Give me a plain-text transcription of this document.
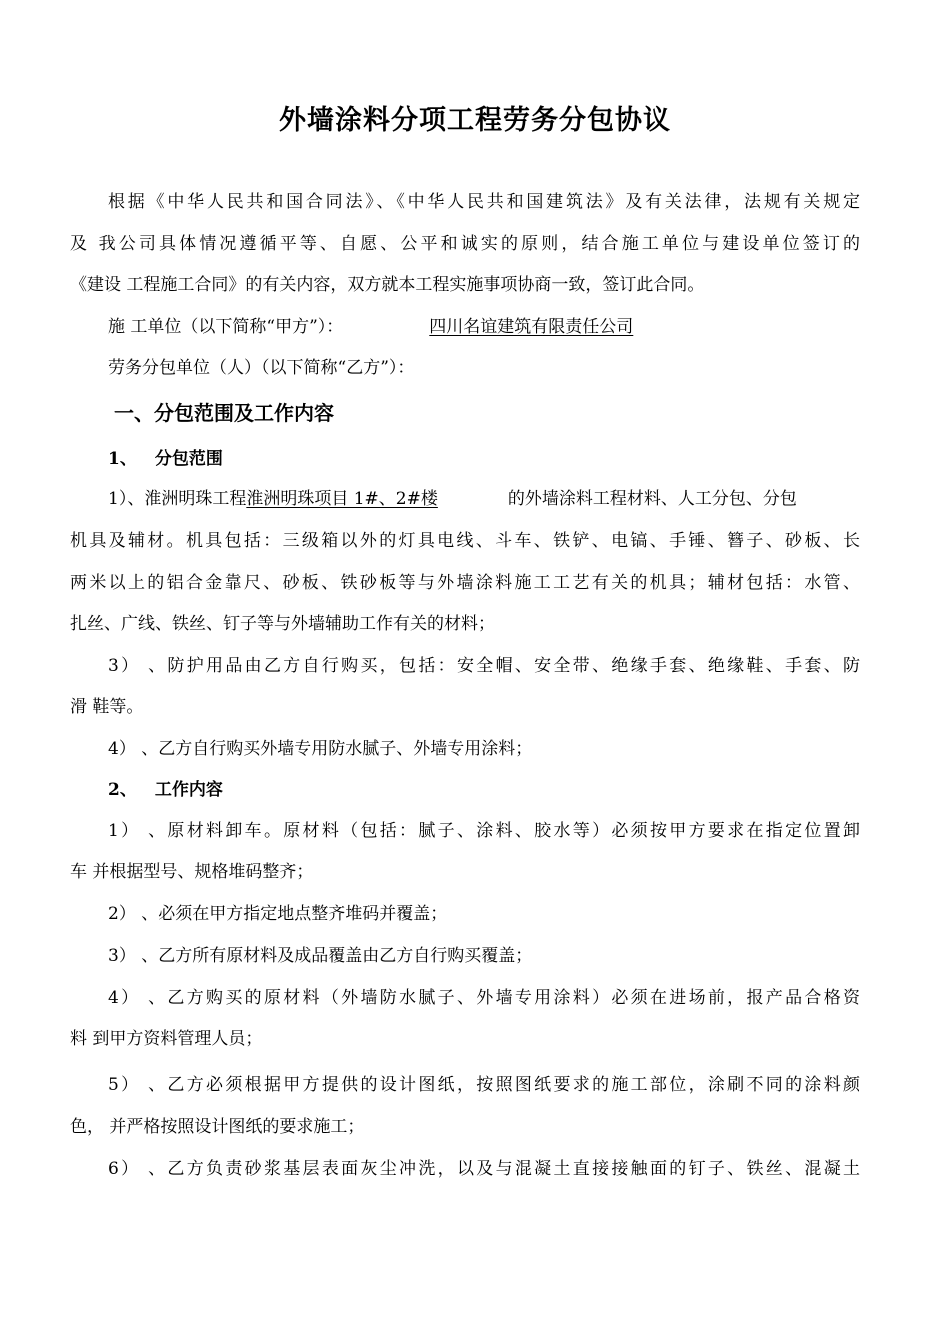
外墙涂料分项工程劳务分包协议
根据《中华人民共和国合同法》、《中华人民共和国建筑法》及有关法律，法规有关规定
及 我公司具体情况遵循平等、自愿、公平和诚实的原则，结合施工单位与建设单位签订的
《建设 工程施工合同》的有关内容，双方就本工程实施事项协商一致，签订此合同。
施 工单位（以下简称“甲方”）：	四川名谊建筑有限责任公司
劳务分包单位（人）（以下简称“乙方”）：
一、分包范围及工作内容
1、 分包范围
1）、淮洲明珠工程淮洲明珠项目 1#、2#楼	的外墙涂料工程材料、人工分包、分包
机具及辅材。机具包括：三级箱以外的灯具电线、斗车、铁铲、电镐、手锤、簪子、砂板、长
两米以上的铝合金靠尺、砂板、铁砂板等与外墙涂料施工工艺有关的机具；辅材包括：水管、
扎丝、广线、铁丝、钉子等与外墙辅助工作有关的材料；
3） 、防护用品由乙方自行购买，包括：安全帽、安全带、绝缘手套、绝缘鞋、手套、防
滑 鞋等。
4） 、乙方自行购买外墙专用防水腻子、外墙专用涂料；
2、 工作内容
1） 、原材料卸车。原材料（包括：腻子、涂料、胶水等）必须按甲方要求在指定位置卸
车 并根据型号、规格堆码整齐；
2） 、必须在甲方指定地点整齐堆码并覆盖；
3） 、乙方所有原材料及成品覆盖由乙方自行购买覆盖；
4） 、乙方购买的原材料（外墙防水腻子、外墙专用涂料）必须在进场前，报产品合格资
料 到甲方资料管理人员；
5） 、乙方必须根据甲方提供的设计图纸，按照图纸要求的施工部位，涂刷不同的涂料颜
色， 并严格按照设计图纸的要求施工；
6） 、乙方负责砂浆基层表面灰尘冲洗，以及与混凝土直接接触面的钉子、铁丝、混凝土
